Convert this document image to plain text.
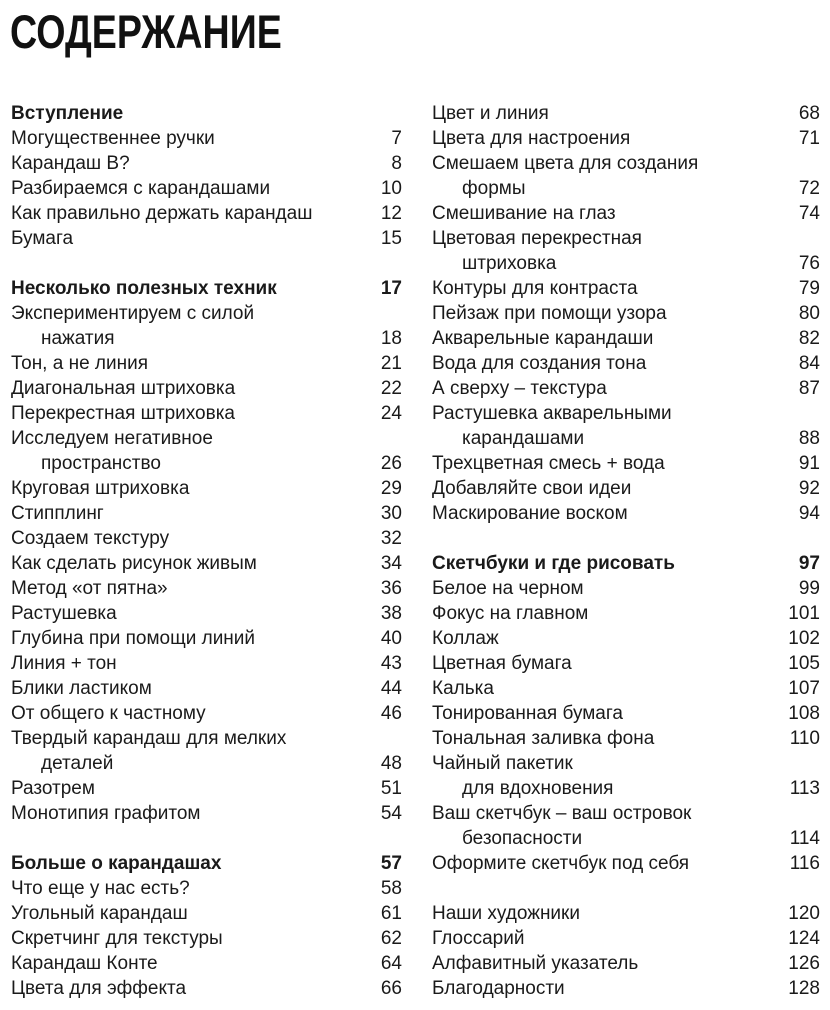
СОДЕРЖАНИЕ
Вступление
Могущественнее ручки	7
Карандаш В?	8
Разбираемся с карандашами	10
Как правильно держать карандаш	12
Бумага	15
Несколько полезных техник	17
Экспериментируем с силой
нажатия	18
Тон, а не линия	21
Диагональная штриховка	22
Перекрестная штриховка	24
Исследуем негативное
пространство	26
Круговая штриховка	29
Стипплинг	30
Создаем текстуру	32
Как сделать рисунок живым	34
Метод «от пятна»	36
Растушевка	38
Глубина при помощи линий	40
Линия + тон	43
Блики ластиком	44
От общего к частному	46
Твердый карандаш для мелких
деталей	48
Разотрем	51
Монотипия графитом	54
Больше о карандашах	57
Что еще у нас есть?	58
Угольный карандаш	61
Скретчинг для текстуры	62
Карандаш Конте	64
Цвета для эффекта	66
Цвет и линия	68
Цвета для настроения	71
Смешаем цвета для создания
формы	72
Смешивание на глаз	74
Цветовая перекрестная
штриховка	76
Контуры для контраста	79
Пейзаж при помощи узора	80
Акварельные карандаши	82
Вода для создания тона	84
А сверху – текстура	87
Растушевка акварельными
карандашами	88
Трехцветная смесь + вода	91
Добавляйте свои идеи	92
Маскирование воском	94
Скетчбуки и где рисовать	97
Белое на черном	99
Фокус на главном	101
Коллаж	102
Цветная бумага	105
Калька	107
Тонированная бумага	108
Тональная заливка фона	110
Чайный пакетик
для вдохновения	113
Ваш скетчбук – ваш островок
безопасности	114
Оформите скетчбук под себя	116
Наши художники	120
Глоссарий	124
Алфавитный указатель	126
Благодарности	128
